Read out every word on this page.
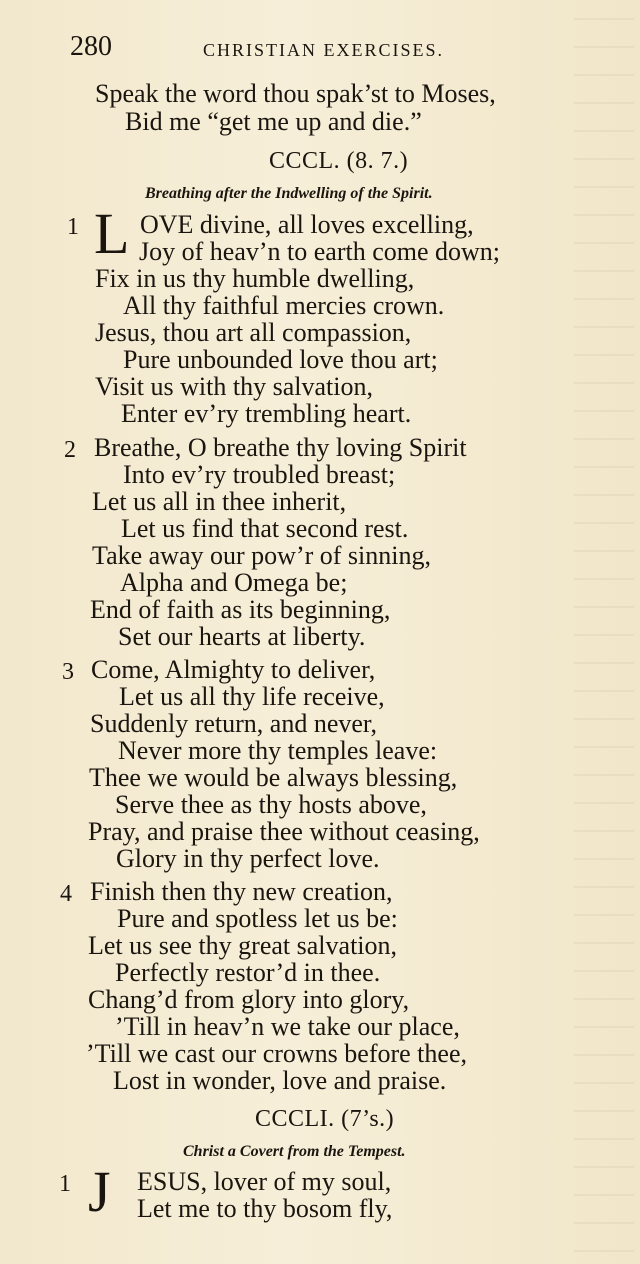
280	CHRISTIAN EXERCISES.
Speak the word thou spak’st to Moses,
Bid me “get me up and die.”
CCCL. (8. 7.)
Breathing after the Indwelling of the Spirit.
1 L OVE divine, all loves excelling,
Joy of heav’n to earth come down;
Fix in us thy humble dwelling,
All thy faithful mercies crown.
Jesus, thou art all compassion,
Pure unbounded love thou art;
Visit us with thy salvation,
Enter ev’ry trembling heart.
2 Breathe, O breathe thy loving Spirit
Into ev’ry troubled breast;
Let us all in thee inherit,
Let us find that second rest.
Take away our pow’r of sinning,
Alpha and Omega be;
End of faith as its beginning,
Set our hearts at liberty.
3 Come, Almighty to deliver,
Let us all thy life receive,
Suddenly return, and never,
Never more thy temples leave:
Thee we would be always blessing,
Serve thee as thy hosts above,
Pray, and praise thee without ceasing,
Glory in thy perfect love.
4 Finish then thy new creation,
Pure and spotless let us be:
Let us see thy great salvation,
Perfectly restor’d in thee.
Chang’d from glory into glory,
’Till in heav’n we take our place,
’Till we cast our crowns before thee,
Lost in wonder, love and praise.
CCCLI. (7’s.)
Christ a Covert from the Tempest.
1 J ESUS, lover of my soul,
Let me to thy bosom fly,
